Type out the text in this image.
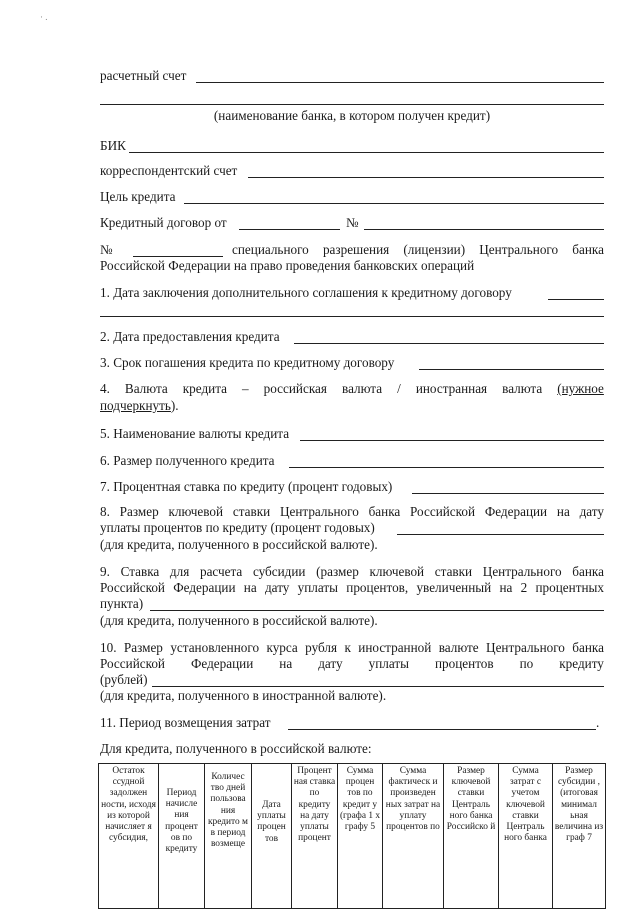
· .
расчетный счет
(наименование банка, в котором получен кредит)
БИК
корреспондентский счет
Цель кредита
Кредитный договор от	№
№	специального разрешения (лицензии) Центрального банка
Российской Федерации на право проведения банковских операций
1. Дата заключения дополнительного соглашения к кредитному договору
2. Дата предоставления кредита
3. Срок погашения кредита по кредитному договору
4. Валюта кредита – российская валюта / иностранная валюта (нужное
подчеркнуть).
5. Наименование валюты кредита
6. Размер полученного кредита
7. Процентная ставка по кредиту (процент годовых)
8. Размер ключевой ставки Центрального банка Российской Федерации на дату
уплаты процентов по кредиту (процент годовых)
(для кредита, полученного в российской валюте).
9. Ставка для расчета субсидии (размер ключевой ставки Центрального банка
Российской Федерации на дату уплаты процентов, увеличенный на 2 процентных
пункта)
(для кредита, полученного в российской валюте).
10. Размер установленного курса рубля к иностранной валюте Центрального банка
Российской Федерации на дату уплаты процентов по кредиту
(рублей)
(для кредита, полученного в иностранной валюте).
11. Период возмещения затрат	.
Для кредита, полученного в российской валюте:
Остаток ссудной задолжен ности, исходя из которой начисляет я субсидия,	Период начисле ния процент ов по кредиту	Количес тво дней пользова ния кредито м в период возмеще	Дата уплаты процен тов	Процент ная ставка по кредиту на дату уплаты процент	Сумма процен тов по кредит у (графа 1 х графу 5	Сумма фактическ и произведен ных затрат на уплату процентов по	Размер ключевой ставки Централь ного банка Российско й	Сумма затрат с учетом ключевой ставки Централь ного банка	Размер субсидии , (итоговая минимал ьная величина из граф 7
